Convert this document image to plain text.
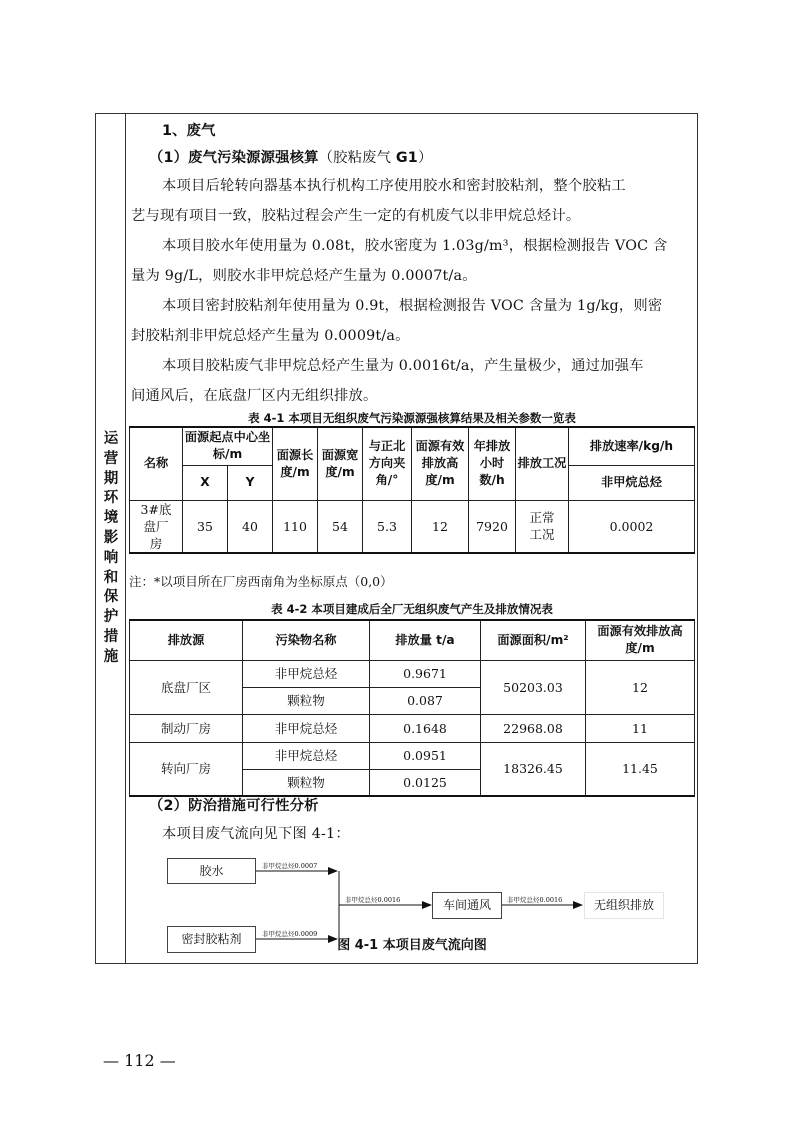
运营期环境影响和保护措施
1、废气
（1）废气污染源源强核算（胶粘废气 G1）
本项目后轮转向器基本执行机构工序使用胶水和密封胶粘剂，整个胶粘工
艺与现有项目一致，胶粘过程会产生一定的有机废气以非甲烷总烃计。
本项目胶水年使用量为 0.08t，胶水密度为 1.03g/m³，根据检测报告 VOC 含
量为 9g/L，则胶水非甲烷总烃产生量为 0.0007t/a。
本项目密封胶粘剂年使用量为 0.9t，根据检测报告 VOC 含量为 1g/kg，则密
封胶粘剂非甲烷总烃产生量为 0.0009t/a。
本项目胶粘废气非甲烷总烃产生量为 0.0016t/a，产生量极少，通过加强车
间通风后，在底盘厂区内无组织排放。
表 4-1 本项目无组织废气污染源源强核算结果及相关参数一览表
名称	面源起点中心坐标/m		面源长度/m	面源宽度/m	与正北方向夹角/°	面源有效排放高度/m	年排放小时数/h	排放工况	排放速率/kg/h
	X	Y							非甲烷总烃
3#底盘厂房	35	40	110	54	5.3	12	7920	正常工况	0.0002
注：*以项目所在厂房西南角为坐标原点（0,0）
表 4-2 本项目建成后全厂无组织废气产生及排放情况表
排放源	污染物名称	排放量 t/a	面源面积/m²	面源有效排放高度/m
底盘厂区	非甲烷总烃	0.9671	50203.03	12
	颗粒物	0.087		
制动厂房	非甲烷总烃	0.1648	22968.08	11
转向厂房	非甲烷总烃	0.0951	18326.45	11.45
	颗粒物	0.0125		
（2）防治措施可行性分析
本项目废气流向见下图 4-1：
胶水
密封胶粘剂
车间通风	无组织排放
非甲烷总烃0.0007
非甲烷总烃0.0009
非甲烷总烃0.0016	非甲烷总烃0.0016
图 4-1 本项目废气流向图
— 112 —
